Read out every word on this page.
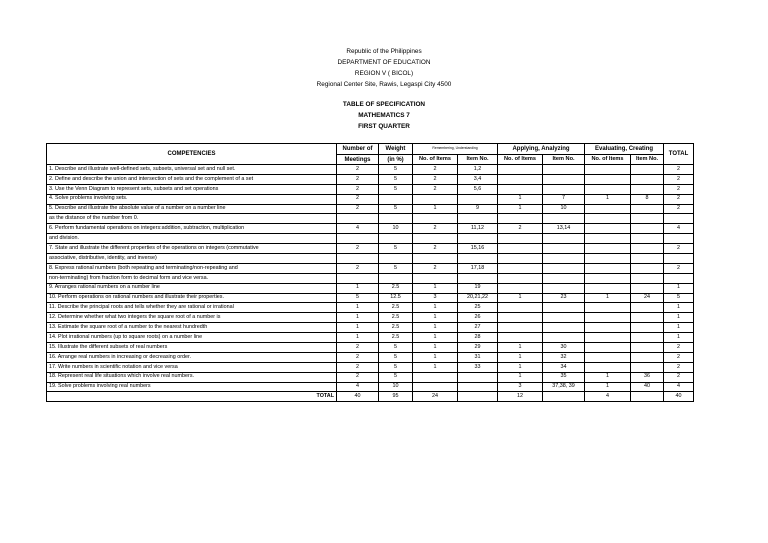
Republic of the Philippines
DEPARTMENT OF EDUCATION
REGION V ( BICOL)
Regional Center Site, Rawis, Legaspi City 4500
TABLE OF SPECIFICATION
MATHEMATICS 7
FIRST QUARTER
COMPETENCIES	Number of	Weight	Remembering, Understanding		Applying, Analyzing		Evaluating, Creating		TOTAL
	Meetings	(in %)	No. of Items	Item No.	No. of Items	Item No.	No. of Items	Item No.	
1. Describe and illustrate well-defined sets, subsets, universal set and null set.	2	5	2	1,2					2
2. Define and describe the union and intersection of sets and the complement of a set	2	5	2	3,4					2
3. Use the Venn Diagram to represent sets, subsets and set operations	2	5	2	5,6					2
4. Solve problems involving sets.	2				1	7	1	8	2
5. Describe and illustrate the absolute value of a number on a number line	2	5	1	9	1	10			2
as the distance of the number from 0.									
6. Perform fundamental operations on integers:addition, subtraction, multiplication	4	10	2	11,12	2	13,14			4
and division.									
7. State and illustrate the different properties of the operations on integers (commutative	2	5	2	15,16					2
associative, distributive, identity, and inverse)									
8. Express rational numbers (both repeating and terminating/non-repeating and	2	5	2	17,18					2
non-terminating) from fraction form to decimal form and vice versa.									
9. Arranges rational numbers on a number line	1	2.5	1	19					1
10. Perform operations on rational numbers and illustrate their properties.	5	12.5	3	20,21,22	1	23	1	24	5
11. Describe the principal roots and tells whether they are rational or irrational	1	2.5	1	25					1
12. Determine whether what two integers the square root of a number is	1	2.5	1	26					1
13. Estimate the square root of a number to the nearest hundredth	1	2.5	1	27					1
14. Plot irrational numbers (up to square roots) on a number line	1	2.5	1	28					1
15. Illustrate the different subsets of real numbers	2	5	1	29	1	30			2
16. Arrange real numbers in increasing or decreasing order.	2	5	1	31	1	32			2
17. Write numbers in scientific notation and vice versa	2	5	1	33	1	34			2
18. Represent real life situations which involve real numbers.	2	5			1	35	1	36	2
19. Solve problems involving real numbers	4	10			3	37,38, 39	1	40	4
TOTAL	40	95	24		12		4		40
